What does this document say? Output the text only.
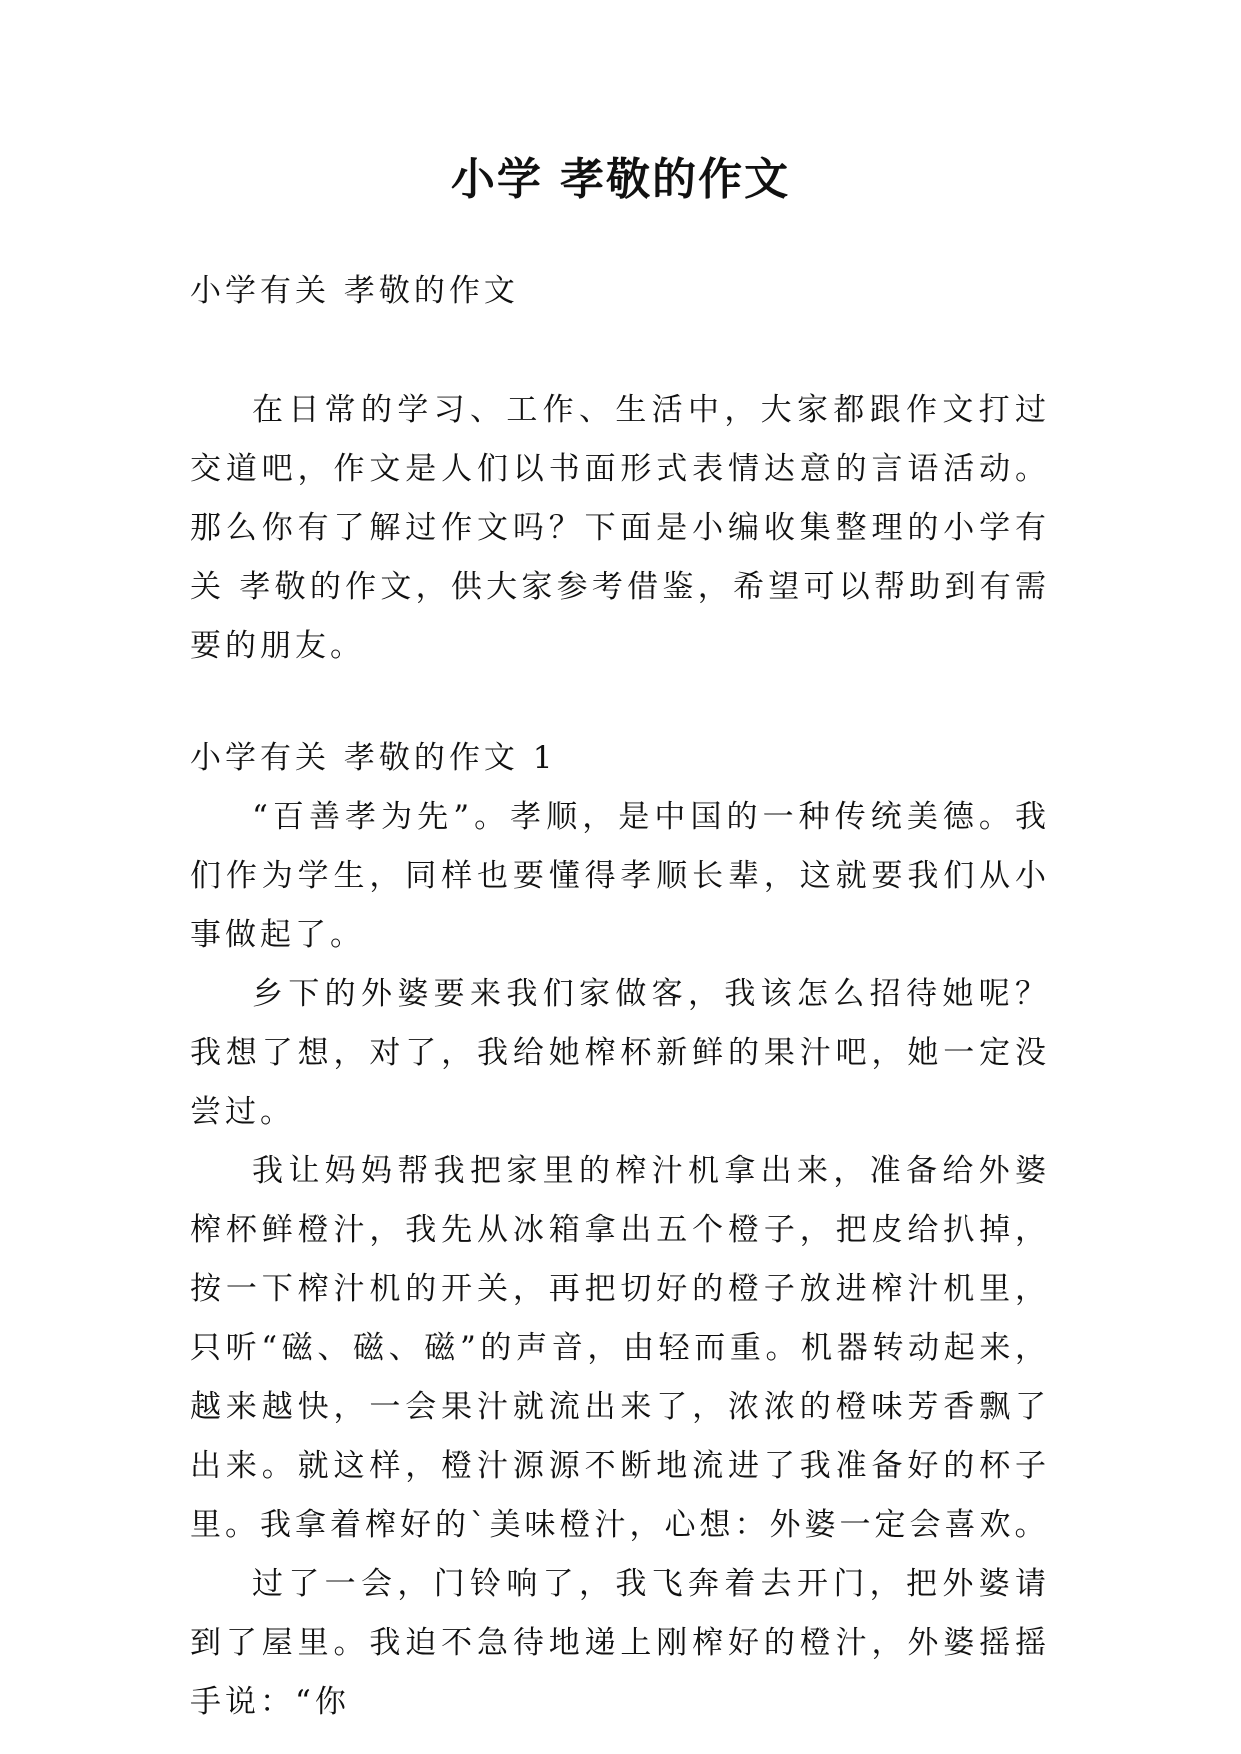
小学 孝敬的作文

小学有关 孝敬的作文

在日常的学习、工作、生活中，大家都跟作文打过交道吧，作文是人们以书面形式表情达意的言语活动。那么你有了解过作文吗？下面是小编收集整理的小学有关 孝敬的作文，供大家参考借鉴，希望可以帮助到有需要的朋友。

小学有关 孝敬的作文 1

“百善孝为先”。孝顺，是中国的一种传统美德。我们作为学生，同样也要懂得孝顺长辈，这就要我们从小事做起了。

乡下的外婆要来我们家做客，我该怎么招待她呢？我想了想，对了，我给她榨杯新鲜的果汁吧，她一定没尝过。

我让妈妈帮我把家里的榨汁机拿出来，准备给外婆榨杯鲜橙汁，我先从冰箱拿出五个橙子，把皮给扒掉，按一下榨汁机的开关，再把切好的橙子放进榨汁机里，只听“磁、磁、磁”的声音，由轻而重。机器转动起来，越来越快，一会果汁就流出来了，浓浓的橙味芳香飘了出来。就这样，橙汁源源不断地流进了我准备好的杯子里。我拿着榨好的`美味橙汁，心想：外婆一定会喜欢。

过了一会，门铃响了，我飞奔着去开门，把外婆请到了屋里。我迫不急待地递上刚榨好的橙汁，外婆摇摇手说：“你
